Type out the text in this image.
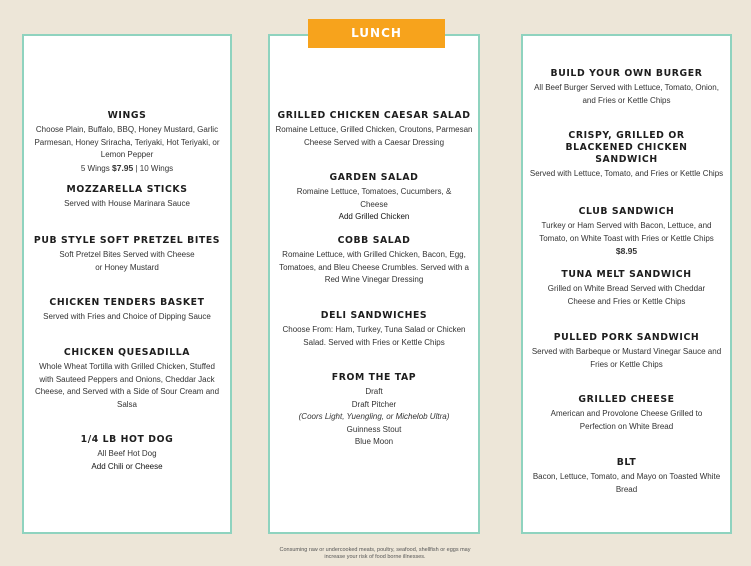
LUNCH
WINGS
Choose Plain, Buffalo, BBQ, Honey Mustard, Garlic Parmesan, Honey Sriracha, Teriyaki, Hot Teriyaki, or Lemon Pepper
5 Wings $7.95 | 10 Wings
MOZZARELLA STICKS
Served with House Marinara Sauce
PUB STYLE SOFT PRETZEL BITES
Soft Pretzel Bites Served with Cheese or Honey Mustard
CHICKEN TENDERS BASKET
Served with Fries and Choice of Dipping Sauce
CHICKEN QUESADILLA
Whole Wheat Tortilla with Grilled Chicken, Stuffed with Sauteed Peppers and Onions, Cheddar Jack Cheese, and Served with a Side of Sour Cream and Salsa
1/4 LB HOT DOG
All Beef Hot Dog
Add Chili or Cheese
GRILLED CHICKEN CAESAR SALAD
Romaine Lettuce, Grilled Chicken, Croutons, Parmesan Cheese Served with a Caesar Dressing
GARDEN SALAD
Romaine Lettuce, Tomatoes, Cucumbers, & Cheese
Add Grilled Chicken
COBB SALAD
Romaine Lettuce, with Grilled Chicken, Bacon, Egg, Tomatoes, and Bleu Cheese Crumbles. Served with a Red Wine Vinegar Dressing
DELI SANDWICHES
Choose From: Ham, Turkey, Tuna Salad or Chicken Salad. Served with Fries or Kettle Chips
FROM THE TAP
Draft
Draft Pitcher
(Coors Light, Yuengling, or Michelob Ultra)
Guinness Stout
Blue Moon
BUILD YOUR OWN BURGER
All Beef Burger Served with Lettuce, Tomato, Onion, and Fries or Kettle Chips
CRISPY, GRILLED OR BLACKENED CHICKEN SANDWICH
Served with Lettuce, Tomato, and Fries or Kettle Chips
CLUB SANDWICH
Turkey or Ham Served with Bacon, Lettuce, and Tomato, on White Toast with Fries or Kettle Chips
$8.95
TUNA MELT SANDWICH
Grilled on White Bread Served with Cheddar Cheese and Fries or Kettle Chips
PULLED PORK SANDWICH
Served with Barbeque or Mustard Vinegar Sauce and Fries or Kettle Chips
GRILLED CHEESE
American and Provolone Cheese Grilled to Perfection on White Bread
BLT
Bacon, Lettuce, Tomato, and Mayo on Toasted White Bread
Consuming raw or undercooked meats, poultry, seafood, shellfish or eggs may increase your risk of food borne illnesses.
